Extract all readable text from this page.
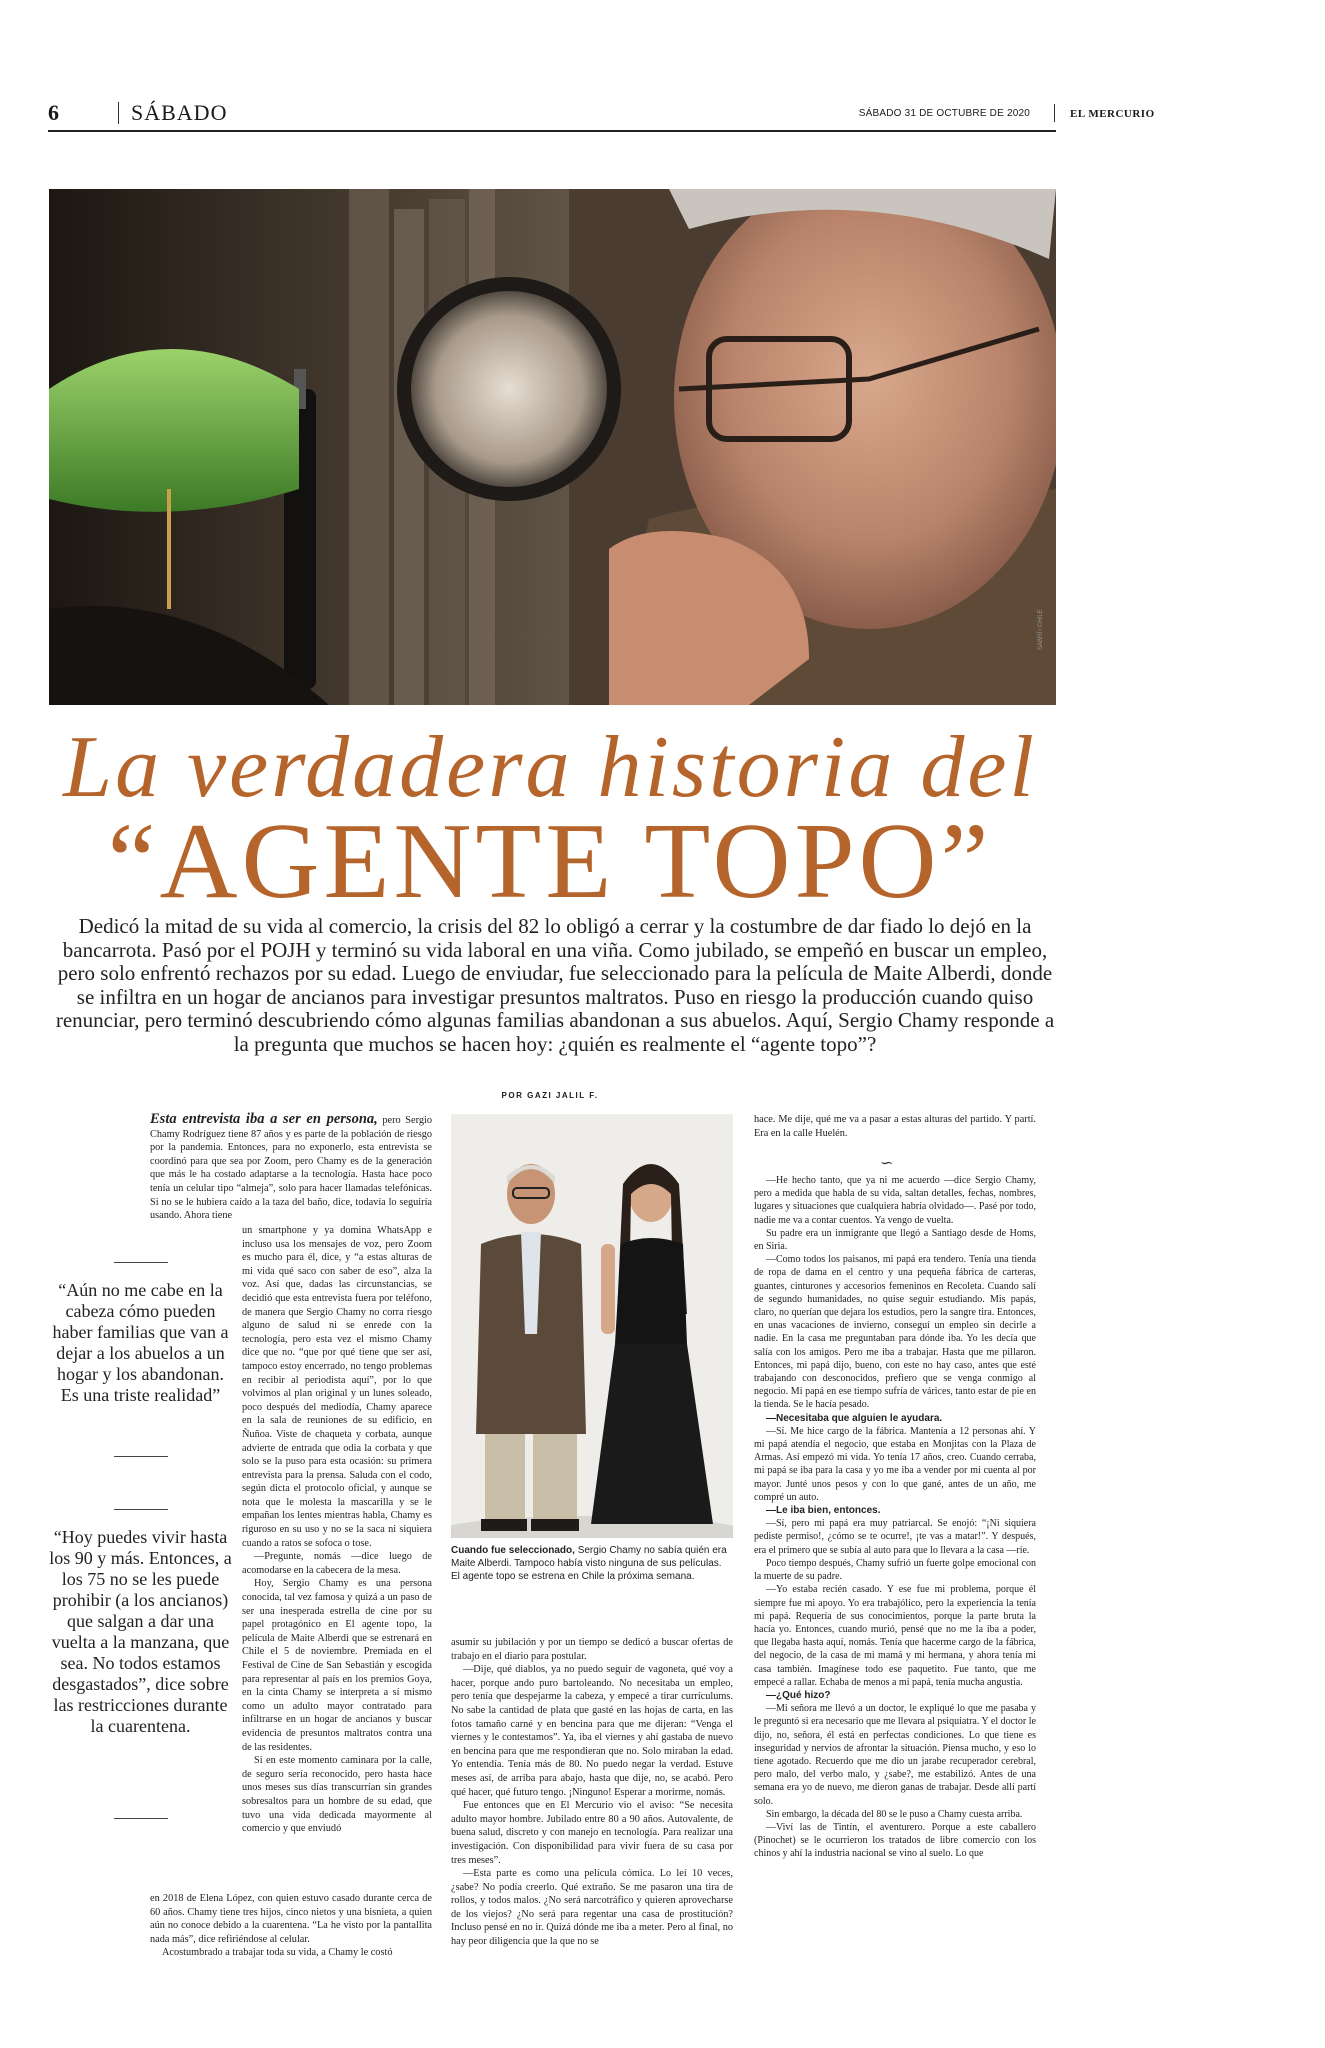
6	SÁBADO	SÁBADO 31 DE OCTUBRE DE 2020	EL MERCURIO
SABRÍ / CHILE
La verdadera historia del
“AGENTE TOPO”
Dedicó la mitad de su vida al comercio, la crisis del 82 lo obligó a cerrar y la costumbre de dar fiado lo dejó en la bancarrota. Pasó por el POJH y terminó su vida laboral en una viña. Como jubilado, se empeñó en buscar un empleo, pero solo enfrentó rechazos por su edad. Luego de enviudar, fue seleccionado para la película de Maite Alberdi, donde se infiltra en un hogar de ancianos para investigar presuntos maltratos. Puso en riesgo la producción cuando quiso renunciar, pero terminó descubriendo cómo algunas familias abandonan a sus abuelos. Aquí, Sergio Chamy responde a la pregunta que muchos se hacen hoy: ¿quién es realmente el “agente topo”?
POR GAZI JALIL F.

Esta entrevista iba a ser en persona, pero Sergio Chamy Rodríguez tiene 87 años y es parte de la población de riesgo por la pandemia. Entonces, para no exponerlo, esta entrevista se coordinó para que sea por Zoom, pero Chamy es de la generación que más le ha costado adaptarse a la tecnología. Hasta hace poco tenía un celular tipo “almeja”, solo para hacer llamadas telefónicas. Si no se le hubiera caído a la taza del baño, dice, todavía lo seguiría usando. Ahora tiene

“Aún no me cabe en la cabeza cómo pueden haber familias que van a dejar a los abuelos a un hogar y los abandonan. Es una triste realidad”
“Hoy puedes vivir hasta los 90 y más. Entonces, a los 75 no se les puede prohibir (a los ancianos) que salgan a dar una vuelta a la manzana, que sea. No todos estamos desgastados”, dice sobre las restricciones durante la cuarentena.

un smartphone y ya domina WhatsApp e incluso usa los mensajes de voz, pero Zoom es mucho para él, dice, y “a estas alturas de mi vida qué saco con saber de eso”, alza la voz. Así que, dadas las circunstancias, se decidió que esta entrevista fuera por teléfono, de manera que Sergio Chamy no corra riesgo alguno de salud ni se enrede con la tecnología, pero esta vez el mismo Chamy dice que no. “que por qué tiene que ser así, tampoco estoy encerrado, no tengo problemas en recibir al periodista aquí”, por lo que volvimos al plan original y un lunes soleado, poco después del mediodía, Chamy aparece en la sala de reuniones de su edificio, en Ñuñoa. Viste de chaqueta y corbata, aunque advierte de entrada que odia la corbata y que solo se la puso para esta ocasión: su primera entrevista para la prensa. Saluda con el codo, según dicta el protocolo oficial, y aunque se nota que le molesta la mascarilla y se le empañan los lentes mientras habla, Chamy es riguroso en su uso y no se la saca ni siquiera cuando a ratos se sofoca o tose.

—Pregunte, nomás —dice luego de acomodarse en la cabecera de la mesa.

Hoy, Sergio Chamy es una persona conocida, tal vez famosa y quizá a un paso de ser una inesperada estrella de cine por su papel protagónico en El agente topo, la película de Maite Alberdi que se estrenará en Chile el 5 de noviembre. Premiada en el Festival de Cine de San Sebastián y escogida para representar al país en los premios Goya, en la cinta Chamy se interpreta a sí mismo como un adulto mayor contratado para infiltrarse en un hogar de ancianos y buscar evidencia de presuntos maltratos contra una de las residentes.

Si en este momento caminara por la calle, de seguro sería reconocido, pero hasta hace unos meses sus días transcurrían sin grandes sobresaltos para un hombre de su edad, que tuvo una vida dedicada mayormente al comercio y que enviudó

en 2018 de Elena López, con quien estuvo casado durante cerca de 60 años. Chamy tiene tres hijos, cinco nietos y una bisnieta, a quien aún no conoce debido a la cuarentena. “La he visto por la pantallita nada más”, dice refiriéndose al celular.

Acostumbrado a trabajar toda su vida, a Chamy le costó

Cuando fue seleccionado, Sergio Chamy no sabía quién era Maite Alberdi. Tampoco había visto ninguna de sus películas. El agente topo se estrena en Chile la próxima semana.

asumir su jubilación y por un tiempo se dedicó a buscar ofertas de trabajo en el diario para postular.

—Dije, qué diablos, ya no puedo seguir de vagoneta, qué voy a hacer, porque ando puro bartoleando. No necesitaba un empleo, pero tenía que despejarme la cabeza, y empecé a tirar currículums. No sabe la cantidad de plata que gasté en las hojas de carta, en las fotos tamaño carné y en bencina para que me dijeran: “Venga el viernes y le contestamos”. Ya, iba el viernes y ahí gastaba de nuevo en bencina para que me respondieran que no. Solo miraban la edad. Yo entendía. Tenía más de 80. No puedo negar la verdad. Estuve meses así, de arriba para abajo, hasta que dije, no, se acabó. Pero qué hacer, qué futuro tengo. ¡Ninguno! Esperar a morirme, nomás.

Fue entonces que en El Mercurio vio el aviso: “Se necesita adulto mayor hombre. Jubilado entre 80 a 90 años. Autovalente, de buena salud, discreto y con manejo en tecnología. Para realizar una investigación. Con disponibilidad para vivir fuera de su casa por tres meses”.

—Esta parte es como una película cómica. Lo leí 10 veces, ¿sabe? No podía creerlo. Qué extraño. Se me pasaron una tira de rollos, y todos malos. ¿No será narcotráfico y quieren aprovecharse de los viejos? ¿No será para regentar una casa de prostitución? Incluso pensé en no ir. Quizá dónde me iba a meter. Pero al final, no hay peor diligencia que la que no se

hace. Me dije, qué me va a pasar a estas alturas del partido. Y partí. Era en la calle Huelén.

∽

—He hecho tanto, que ya ni me acuerdo —dice Sergio Chamy, pero a medida que habla de su vida, saltan detalles, fechas, nombres, lugares y situaciones que cualquiera habría olvidado—. Pasé por todo, nadie me va a contar cuentos. Ya vengo de vuelta.

Su padre era un inmigrante que llegó a Santiago desde de Homs, en Siria.

—Como todos los paisanos, mi papá era tendero. Tenía una tienda de ropa de dama en el centro y una pequeña fábrica de carteras, guantes, cinturones y accesorios femeninos en Recoleta. Cuando salí de segundo humanidades, no quise seguir estudiando. Mis papás, claro, no querían que dejara los estudios, pero la sangre tira. Entonces, en unas vacaciones de invierno, conseguí un empleo sin decirle a nadie. En la casa me preguntaban para dónde iba. Yo les decía que salía con los amigos. Pero me iba a trabajar. Hasta que me pillaron. Entonces, mi papá dijo, bueno, con este no hay caso, antes que esté trabajando con desconocidos, prefiero que se venga conmigo al negocio. Mi papá en ese tiempo sufría de várices, tanto estar de pie en la tienda. Se le hacía pesado.

—Necesitaba que alguien le ayudara.

—Sí. Me hice cargo de la fábrica. Mantenía a 12 personas ahí. Y mi papá atendía el negocio, que estaba en Monjitas con la Plaza de Armas. Así empezó mi vida. Yo tenía 17 años, creo. Cuando cerraba, mi papá se iba para la casa y yo me iba a vender por mi cuenta al por mayor. Junté unos pesos y con lo que gané, antes de un año, me compré un auto.

—Le iba bien, entonces.

—Sí, pero mi papá era muy patriarcal. Se enojó: “¡Ni siquiera pediste permiso!, ¿cómo se te ocurre!, ¡te vas a matar!”. Y después, era el primero que se subía al auto para que lo llevara a la casa —ríe.

Poco tiempo después, Chamy sufrió un fuerte golpe emocional con la muerte de su padre.

—Yo estaba recién casado. Y ese fue mi problema, porque él siempre fue mi apoyo. Yo era trabajólico, pero la experiencia la tenía mi papá. Requería de sus conocimientos, porque la parte bruta la hacía yo. Entonces, cuando murió, pensé que no me la iba a poder, que llegaba hasta aquí, nomás. Tenía que hacerme cargo de la fábrica, del negocio, de la casa de mi mamá y mi hermana, y ahora tenía mi casa también. Imagínese todo ese paquetito. Fue tanto, que me empecé a rallar. Echaba de menos a mi papá, tenía mucha angustia.

—¿Qué hizo?

—Mi señora me llevó a un doctor, le expliqué lo que me pasaba y le preguntó si era necesario que me llevara al psiquiatra. Y el doctor le dijo, no, señora, él está en perfectas condiciones. Lo que tiene es inseguridad y nervios de afrontar la situación. Piensa mucho, y eso lo tiene agotado. Recuerdo que me dio un jarabe recuperador cerebral, pero malo, del verbo malo, y ¿sabe?, me estabilizó. Antes de una semana era yo de nuevo, me dieron ganas de trabajar. Desde allí partí solo.

Sin embargo, la década del 80 se le puso a Chamy cuesta arriba.

—Viví las de Tintín, el aventurero. Porque a este caballero (Pinochet) se le ocurrieron los tratados de libre comercio con los chinos y ahí la industria nacional se vino al suelo. Lo que
